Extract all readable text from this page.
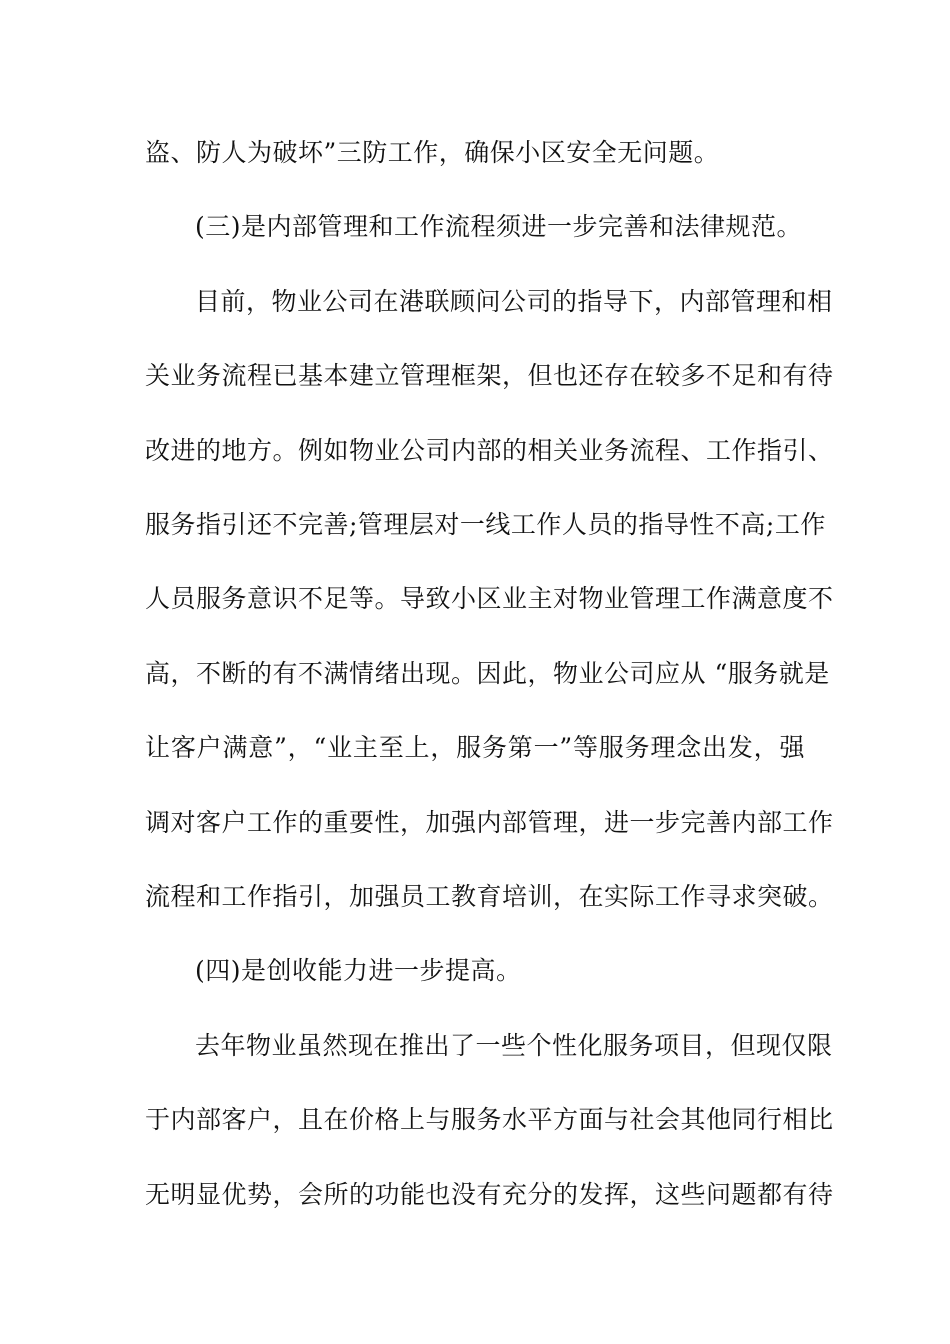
盗、防人为破坏”三防工作，确保小区安全无问题。
(三)是内部管理和工作流程须进一步完善和法律规范。
目前，物业公司在港联顾问公司的指导下，内部管理和相
关业务流程已基本建立管理框架，但也还存在较多不足和有待
改进的地方。例如物业公司内部的相关业务流程、工作指引、
服务指引还不完善;管理层对一线工作人员的指导性不高;工作
人员服务意识不足等。导致小区业主对物业管理工作满意度不
高，不断的有不满情绪出现。因此，物业公司应从 “服务就是
让客户满意”，“业主至上，服务第一”等服务理念出发，强
调对客户工作的重要性，加强内部管理，进一步完善内部工作
流程和工作指引，加强员工教育培训，在实际工作寻求突破。
(四)是创收能力进一步提高。
去年物业虽然现在推出了一些个性化服务项目，但现仅限
于内部客户，且在价格上与服务水平方面与社会其他同行相比
无明显优势，会所的功能也没有充分的发挥，这些问题都有待
